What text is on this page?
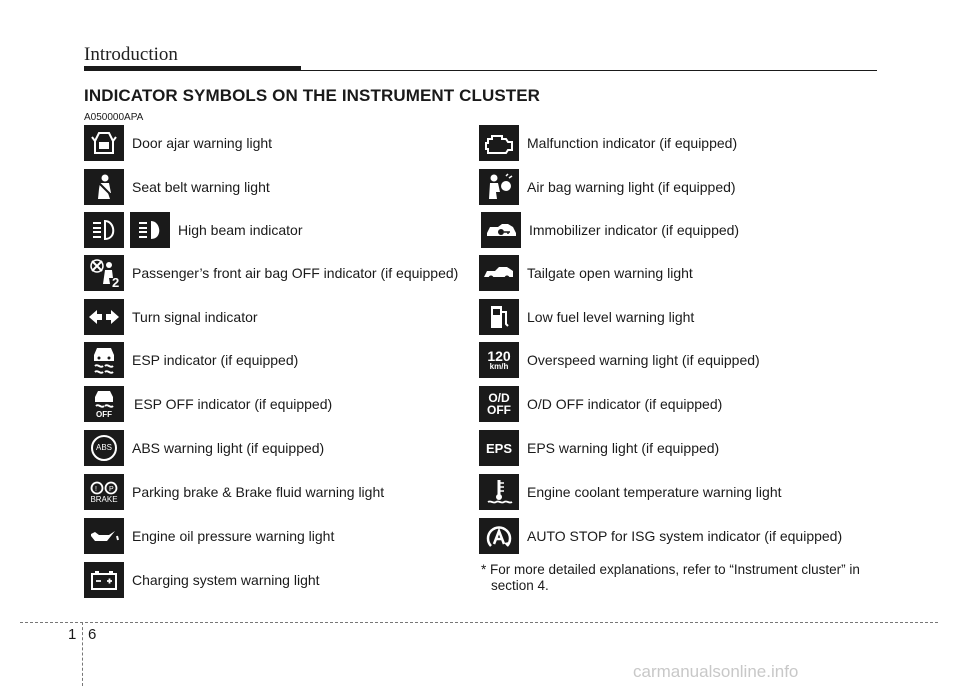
Introduction
INDICATOR SYMBOLS ON THE INSTRUMENT CLUSTER
A050000APA
Door ajar warning light
Seat belt warning light
High beam indicator
2
Passenger’s front air bag OFF indicator (if equipped)
Turn signal indicator
ESP indicator (if equipped)
OFF
ESP OFF indicator (if equipped)
ABS ABS warning light (if equipped)
! P
BRAKE Parking brake & Brake fluid warning light
Engine oil pressure warning light
Charging system warning light
Malfunction indicator (if equipped)
Air bag warning light (if equipped)
Immobilizer indicator (if equipped)
Tailgate open warning light
Low fuel level warning light
120
km/h Overspeed warning light (if equipped)
O/D
OFF O/D OFF indicator (if equipped)
EPS EPS warning light (if equipped)
Engine coolant temperature warning light
AUTO STOP for ISG system indicator (if equipped)
* For more detailed explanations, refer to “Instrument cluster” in
section 4.
1 6
carmanualsonline.info
